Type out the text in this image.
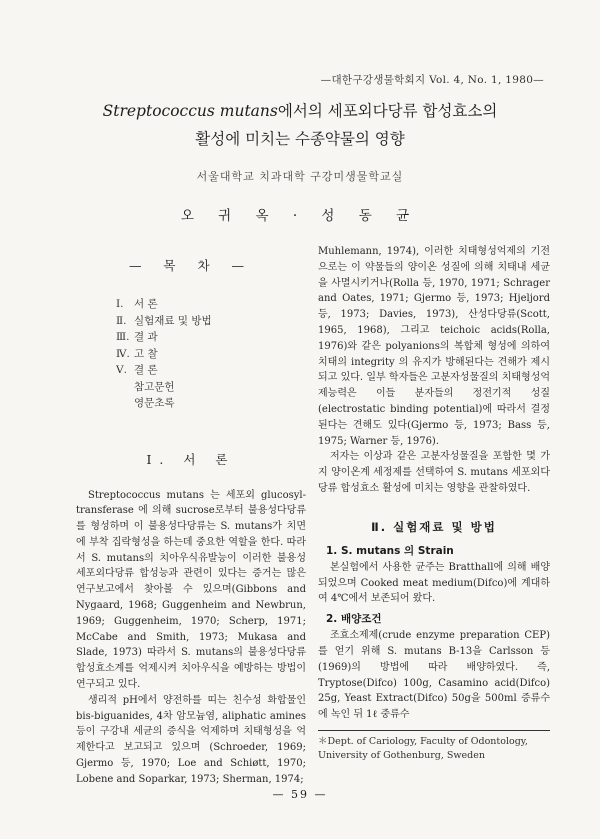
—대한구강생물학회지 Vol. 4, No. 1, 1980—
Streptococcus mutans에서의 세포외다당류 합성효소의
활성에 미치는 수종약물의 영향
서울대학교 치과대학 구강미생물학교실
오 귀 옥 · 성 동 균
— 목 차 —
Ⅰ.	서 론
Ⅱ. 실험재료 및 방법
Ⅲ. 결 과
Ⅳ. 고 찰
Ⅴ. 결 론
참고문헌
영문초록
Ⅰ. 서 론

Streptococcus mutans 는 세포외 glucosyl-transferase 에 의해 sucrose로부터 불용성다당류를 형성하며 이 불용성다당류는 S. mutans가 치면에 부착 집락형성을 하는데 중요한 역할을 한다. 따라서 S. mutans의 치아우식유발능이 이러한 불용성 세포외다당류 합성능과 관련이 있다는 증거는 많은 연구보고에서 찾아볼 수 있으며(Gibbons and Nygaard, 1968; Guggenheim and Newbrun, 1969; Guggenheim, 1970; Scherp, 1971; McCabe and Smith, 1973; Mukasa and Slade, 1973) 따라서 S. mutans의 불용성다당류 합성효소계를 억제시켜 치아우식을 예방하는 방법이 연구되고 있다.

생리적 pH에서 양전하를 띠는 친수성 화합물인 bis-biguanides, 4차 암모늄염, aliphatic amines 등이 구강내 세균의 증식을 억제하며 치태형성을 억제한다고 보고되고 있으며 (Schroeder, 1969; Gjermo 등, 1970; Loe and Schiøtt, 1970; Lobene and Soparkar, 1973; Sherman, 1974;

Muhlemann, 1974), 이러한 치태형성억제의 기전으로는 이 약물들의 양이온 성질에 의해 치태내 세균을 사멸시키거나(Rolla 등, 1970, 1971; Schrager and Oates, 1971; Gjermo 등, 1973; Hjeljord 등, 1973; Davies, 1973), 산성다당류(Scott, 1965, 1968), 그리고 teichoic acids(Rolla, 1976)와 같은 polyanions의 복합체 형성에 의하여 치태의 integrity 의 유지가 방해된다는 견해가 제시되고 있다. 일부 학자들은 고분자성물질의 치태형성억제능력은 이들 분자들의 정전기적 성질(electrostatic binding potential)에 따라서 결정된다는 견해도 있다(Gjermo 등, 1973; Bass 등, 1975; Warner 등, 1976).

저자는 이상과 같은 고분자성물질을 포함한 몇 가지 양이온계 세정제를 선택하여 S. mutans 세포외다당류 합성효소 활성에 미치는 영향을 관찰하였다.

Ⅱ. 실험재료 및 방법
1. S. mutans 의 Strain

본실험에서 사용한 균주는 Bratthall에 의해 배양되었으며 Cooked meat medium(Difco)에 계대하여 4℃에서 보존되어 왔다.

2. 배양조건

조효소제제(crude enzyme preparation CEP)를 얻기 위해 S. mutans B-13을 Carlsson 등(1969)의 방법에 따라 배양하였다. 즉, Tryptose(Difco) 100g, Casamino acid(Difco) 25g, Yeast Extract(Difco) 50g을 500ml 증류수에 녹인 뒤 1ℓ 중류수

＊Dept. of Cariology, Faculty of Odontology, University of Gothenburg, Sweden
— 59 —
